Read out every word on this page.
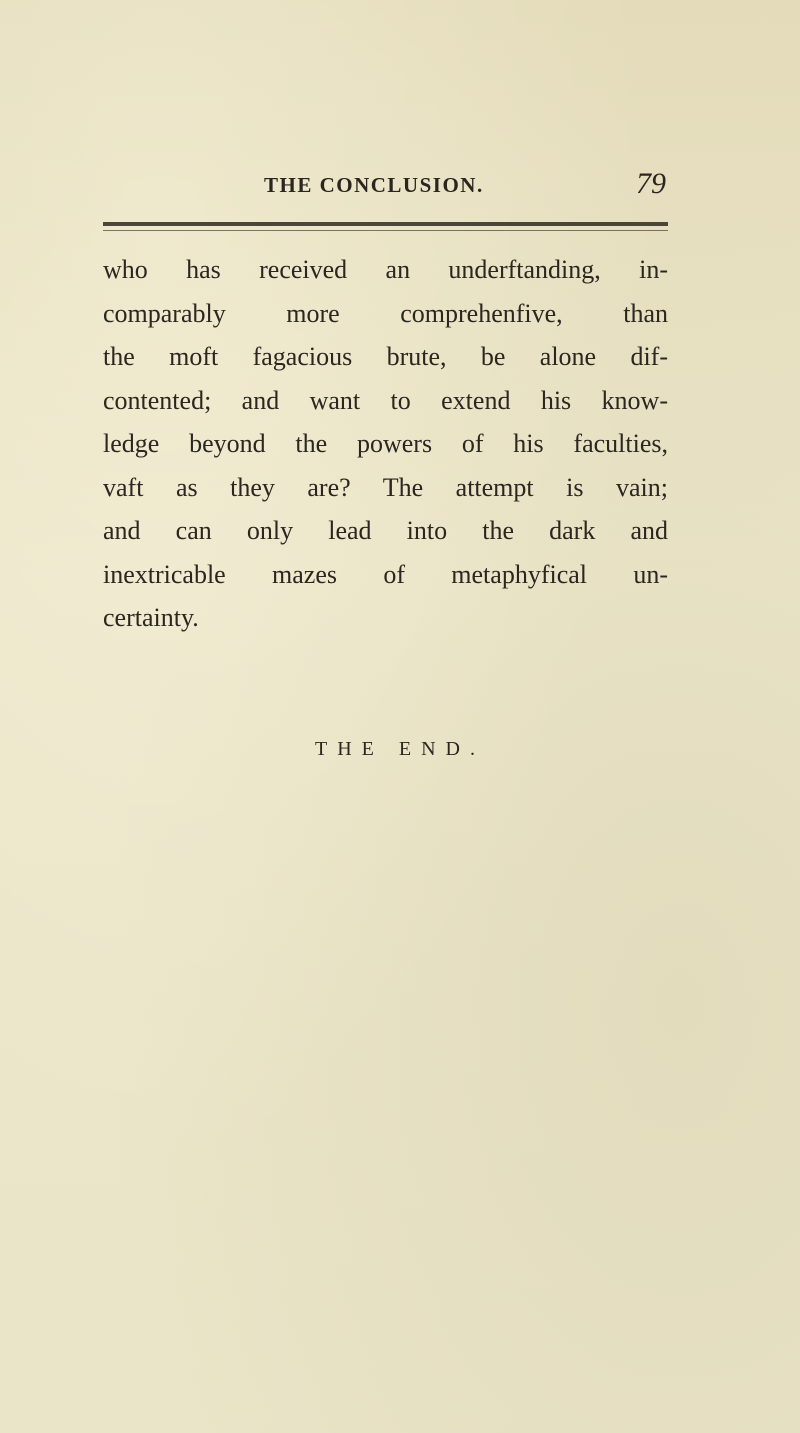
THE CONCLUSION.	79
who has received an underftanding, in-
comparably more comprehenfive, than
the moft fagacious brute, be alone dif-
contented; and want to extend his know-
ledge beyond the powers of his faculties,
vaft as they are? The attempt is vain;
and can only lead into the dark and
inextricable mazes of metaphyfical un-
certainty.
THE END.
